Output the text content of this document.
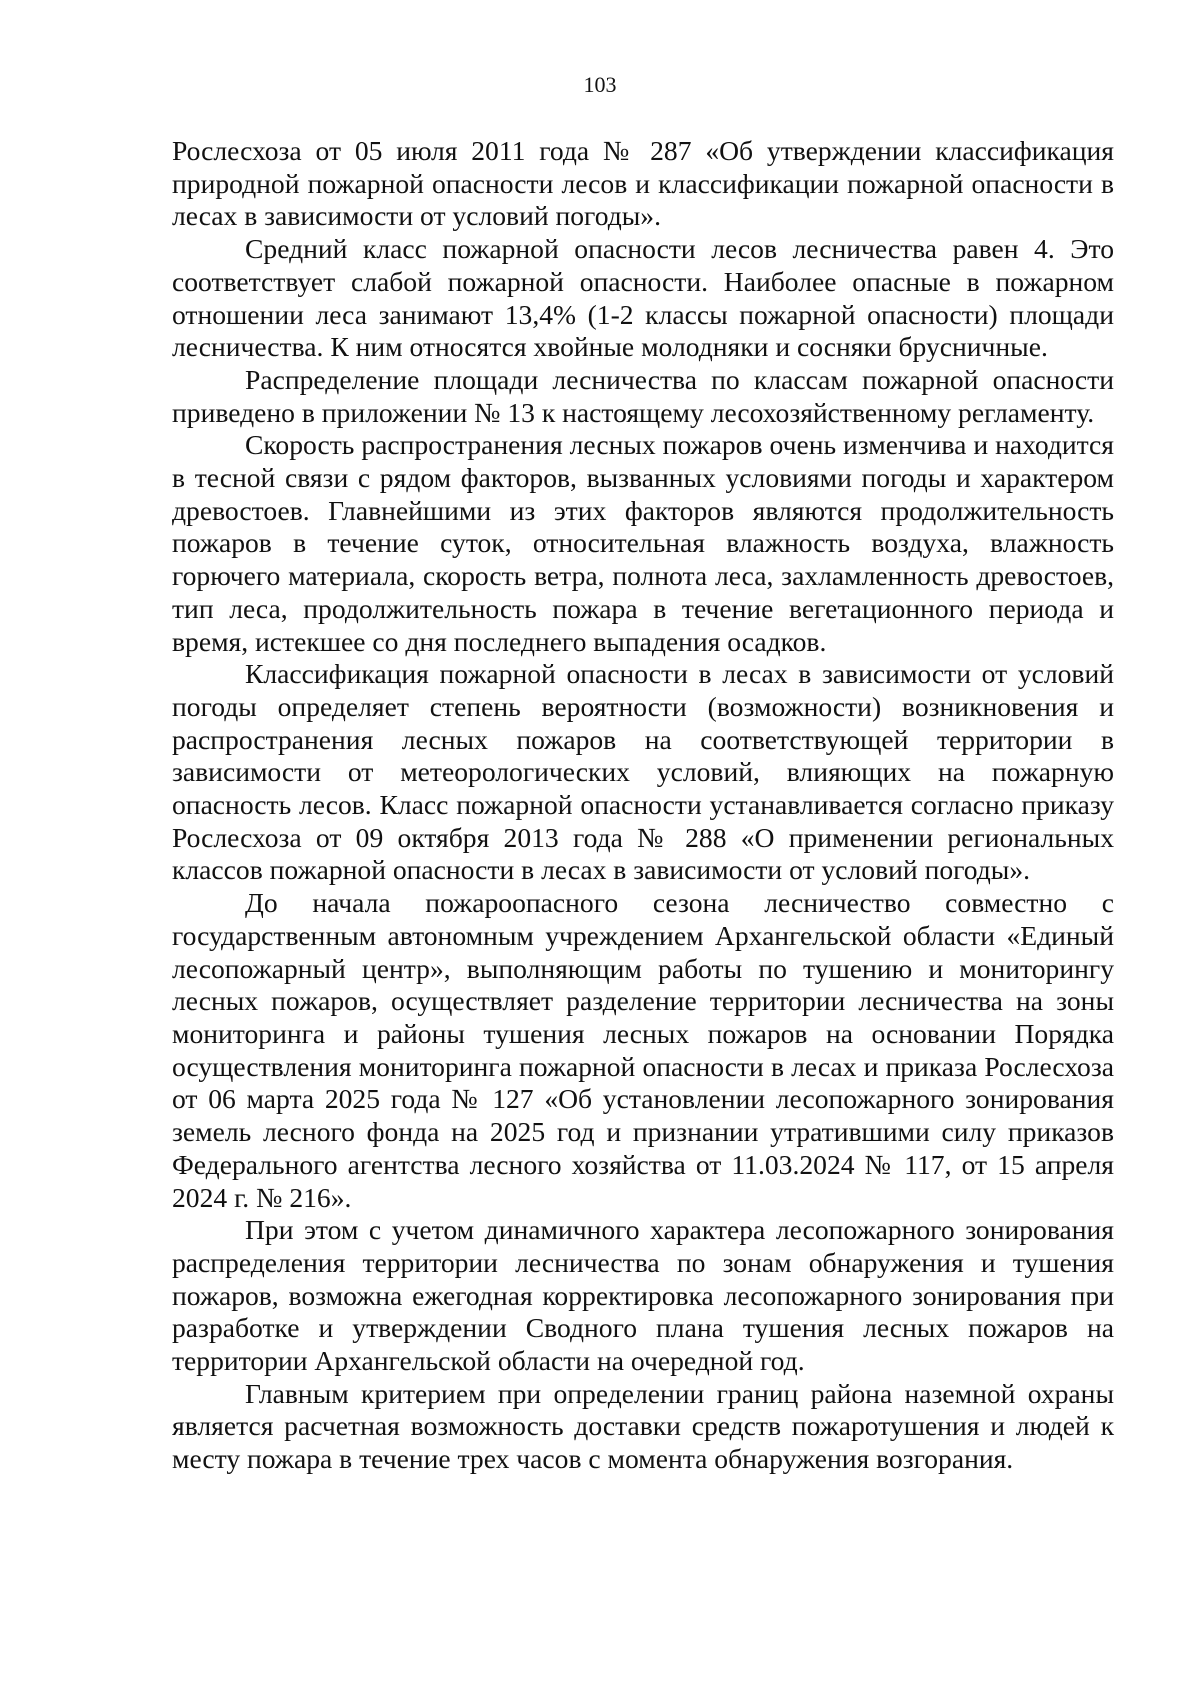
103

Рослесхоза от 05 июля 2011 года № 287 «Об утверждении классификация природной пожарной опасности лесов и классификации пожарной опасности в лесах в зависимости от условий погоды».

Средний класс пожарной опасности лесов лесничества равен 4. Это соответствует слабой пожарной опасности. Наиболее опасные в пожарном отношении леса занимают 13,4% (1-2 классы пожарной опасности) площади лесничества. К ним относятся хвойные молодняки и сосняки брусничные.

Распределение площади лесничества по классам пожарной опасности приведено в приложении № 13 к настоящему лесохозяйственному регламенту.

Скорость распространения лесных пожаров очень изменчива и находится в тесной связи с рядом факторов, вызванных условиями погоды и характером древостоев. Главнейшими из этих факторов являются продолжительность пожаров в течение суток, относительная влажность воздуха, влажность горючего материала, скорость ветра, полнота леса, захламленность древостоев, тип леса, продолжительность пожара в течение вегетационного периода и время, истекшее со дня последнего выпадения осадков.

Классификация пожарной опасности в лесах в зависимости от условий погоды определяет степень вероятности (возможности) возникновения и распространения лесных пожаров на соответствующей территории в зависимости от метеорологических условий, влияющих на пожарную опасность лесов. Класс пожарной опасности устанавливается согласно приказу Рослесхоза от 09 октября 2013 года № 288 «О применении региональных классов пожарной опасности в лесах в зависимости от условий погоды».

До начала пожароопасного сезона лесничество совместно с государственным автономным учреждением Архангельской области «Единый лесопожарный центр», выполняющим работы по тушению и мониторингу лесных пожаров, осуществляет разделение территории лесничества на зоны мониторинга и районы тушения лесных пожаров на основании Порядка осуществления мониторинга пожарной опасности в лесах и приказа Рослесхоза от 06 марта 2025 года № 127 «Об установлении лесопожарного зонирования земель лесного фонда на 2025 год и признании утратившими силу приказов Федерального агентства лесного хозяйства от 11.03.2024 № 117, от 15 апреля 2024 г. № 216».

При этом с учетом динамичного характера лесопожарного зонирования распределения территории лесничества по зонам обнаружения и тушения пожаров, возможна ежегодная корректировка лесопожарного зонирования при разработке и утверждении Сводного плана тушения лесных пожаров на территории Архангельской области на очередной год.

Главным критерием при определении границ района наземной охраны является расчетная возможность доставки средств пожаротушения и людей к месту пожара в течение трех часов с момента обнаружения возгорания.
